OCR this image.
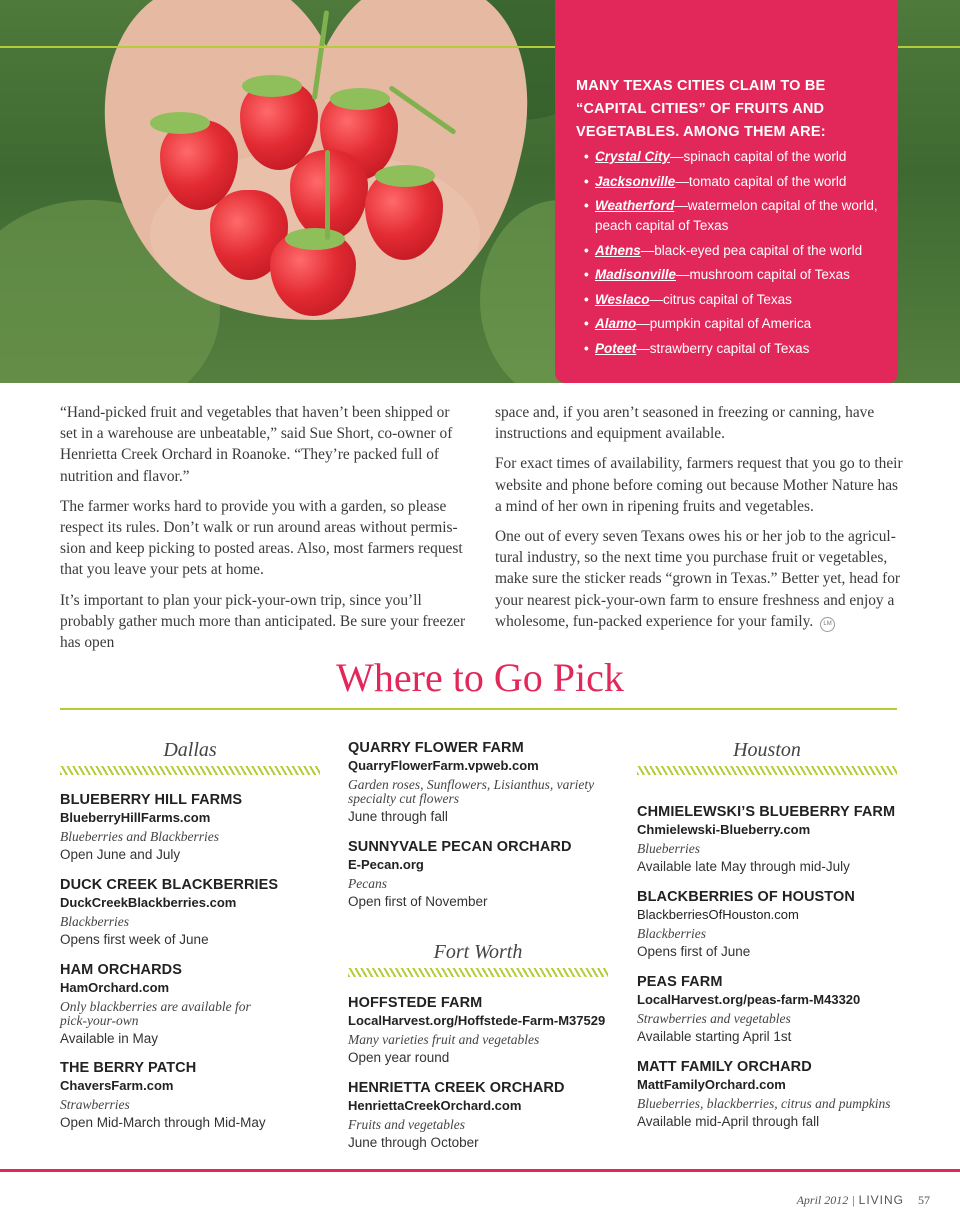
MANY TEXAS CITIES CLAIM TO BE “CAPITAL CITIES” OF FRUITS AND VEGETABLES. AMONG THEM ARE:
• Crystal City—spinach capital of the world
• Jacksonville—tomato capital of the world
• Weatherford—watermelon capital of the world, peach capital of Texas
• Athens—black-eyed pea capital of the world
• Madisonville—mushroom capital of Texas
• Weslaco—citrus capital of Texas
• Alamo—pumpkin capital of America
• Poteet—strawberry capital of Texas

“Hand-picked fruit and vegetables that haven’t been shipped or set in a warehouse are unbeatable,” said Sue Short, co-owner of Henrietta Creek Orchard in Roanoke. “They’re packed full of nutrition and flavor.”

The farmer works hard to provide you with a garden, so please respect its rules. Don’t walk or run around areas without permis-sion and keep picking to posted areas. Also, most farmers request that you leave your pets at home.

It’s important to plan your pick-your-own trip, since you’ll probably gather much more than anticipated. Be sure your freezer has open

space and, if you aren’t seasoned in freezing or canning, have instructions and equipment available.

For exact times of availability, farmers request that you go to their website and phone before coming out because Mother Nature has a mind of her own in ripening fruits and vegetables.

One out of every seven Texans owes his or her job to the agricul-tural industry, so the next time you purchase fruit or vegetables, make sure the sticker reads “grown in Texas.” Better yet, head for your nearest pick-your-own farm to ensure freshness and enjoy a wholesome, fun-packed experience for your family. LM

Where to Go Pick
Dallas
BLUEBERRY HILL FARMS
BlueberryHillFarms.com
Blueberries and Blackberries
Open June and July
DUCK CREEK BLACKBERRIES
DuckCreekBlackberries.com
Blackberries
Opens first week of June
HAM ORCHARDS
HamOrchard.com
Only blackberries are available for pick-your-own
Available in May
THE BERRY PATCH
ChaversFarm.com
Strawberries
Open Mid-March through Mid-May
QUARRY FLOWER FARM
QuarryFlowerFarm.vpweb.com
Garden roses, Sunflowers, Lisianthus, variety specialty cut flowers
June through fall
SUNNYVALE PECAN ORCHARD
E-Pecan.org
Pecans
Open first of November
Fort Worth
HOFFSTEDE FARM
LocalHarvest.org/Hoffstede-Farm-M37529
Many varieties fruit and vegetables
Open year round
HENRIETTA CREEK ORCHARD
HenriettaCreekOrchard.com
Fruits and vegetables
June through October
Houston
CHMIELEWSKI’S BLUEBERRY FARM
Chmielewski-Blueberry.com
Blueberries
Available late May through mid-July
BLACKBERRIES OF HOUSTON
BlackberriesOfHouston.com
Blackberries
Opens first of June
PEAS FARM
LocalHarvest.org/peas-farm-M43320
Strawberries and vegetables
Available starting April 1st
MATT FAMILY ORCHARD
MattFamilyOrchard.com
Blueberries, blackberries, citrus and pumpkins
Available mid-April through fall
April 2012 | LIVING 57
